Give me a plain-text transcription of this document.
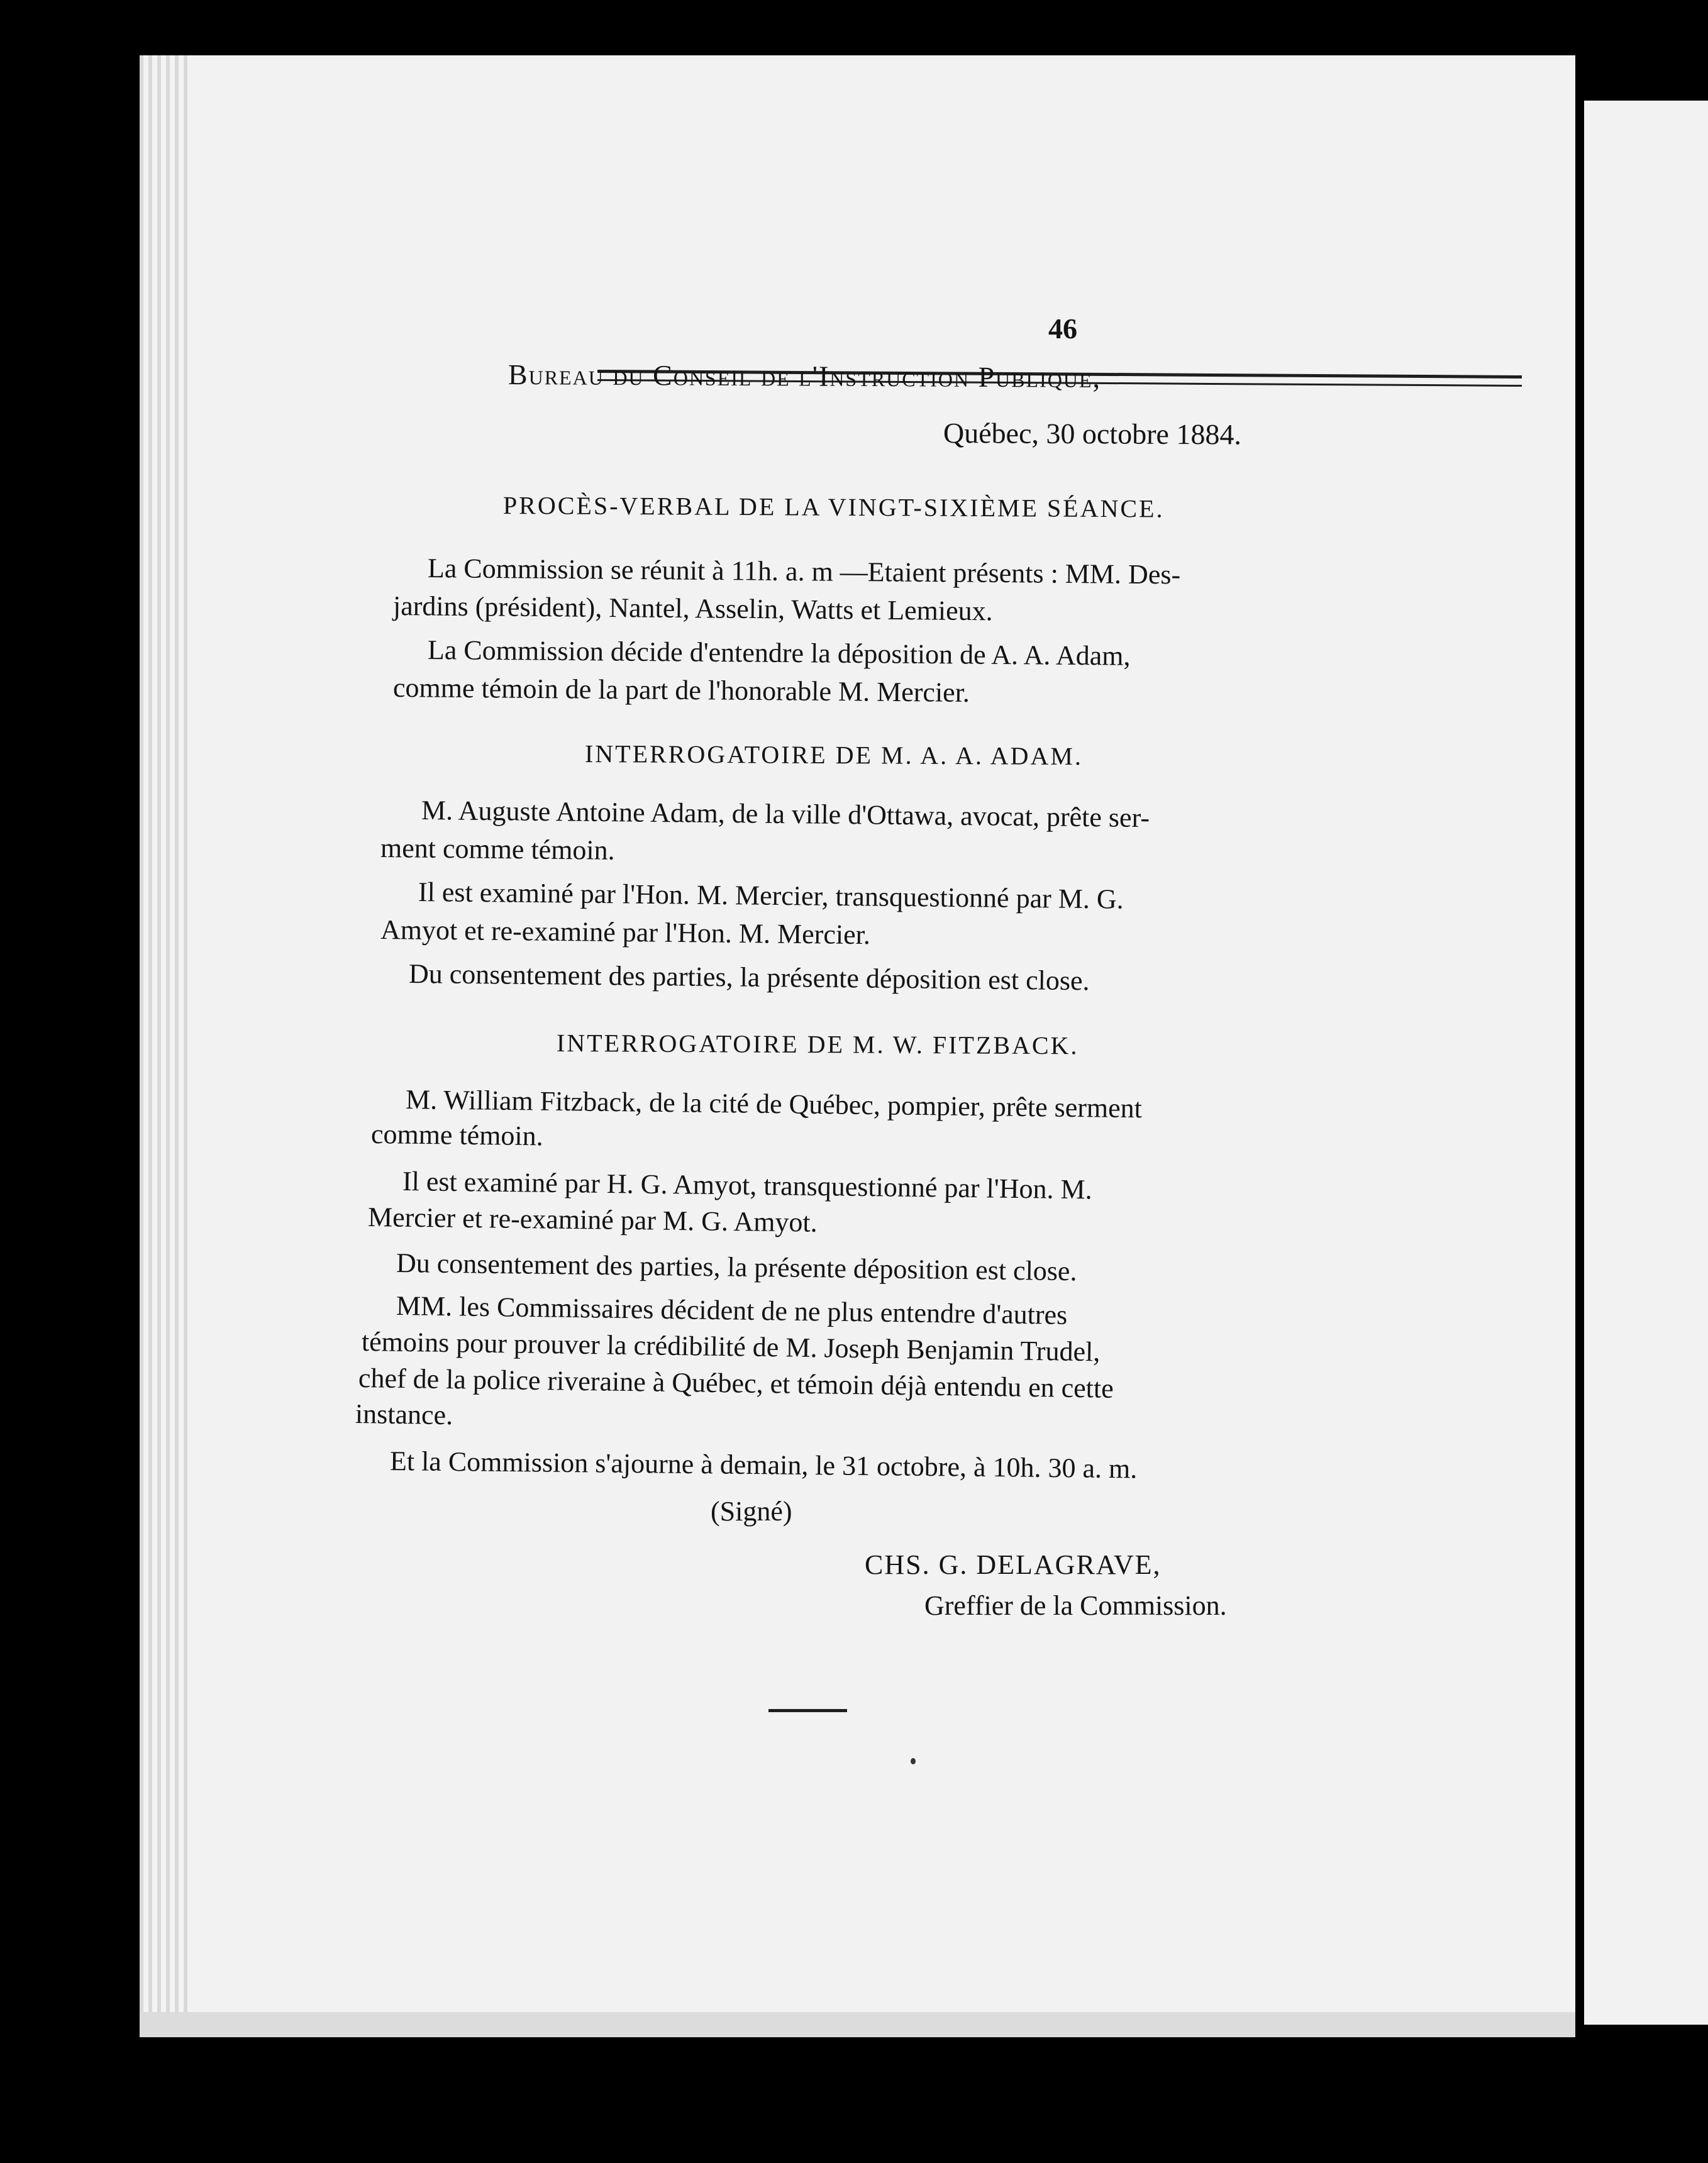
46
Bureau du Conseil de l'Instruction Publique,
Québec, 30 octobre 1884.
PROCÈS-VERBAL DE LA VINGT-SIXIÈME SÉANCE.
La Commission se réunit à 11h. a. m —Etaient présents : MM. Des-
jardins (président), Nantel, Asselin, Watts et Lemieux.
La Commission décide d'entendre la déposition de A. A. Adam,
comme témoin de la part de l'honorable M. Mercier.
INTERROGATOIRE DE M. A. A. ADAM.
M. Auguste Antoine Adam, de la ville d'Ottawa, avocat, prête ser-
ment comme témoin.
Il est examiné par l'Hon. M. Mercier, transquestionné par M. G.
Amyot et re-examiné par l'Hon. M. Mercier.
Du consentement des parties, la présente déposition est close.
INTERROGATOIRE DE M. W. FITZBACK.
M. William Fitzback, de la cité de Québec, pompier, prête serment
comme témoin.
Il est examiné par H. G. Amyot, transquestionné par l'Hon. M.
Mercier et re-examiné par M. G. Amyot.
Du consentement des parties, la présente déposition est close.
MM. les Commissaires décident de ne plus entendre d'autres
témoins pour prouver la crédibilité de M. Joseph Benjamin Trudel,
chef de la police riveraine à Québec, et témoin déjà entendu en cette
instance.
Et la Commission s'ajourne à demain, le 31 octobre, à 10h. 30 a. m.
(Signé)
CHS. G. DELAGRAVE,
Greffier de la Commission.
